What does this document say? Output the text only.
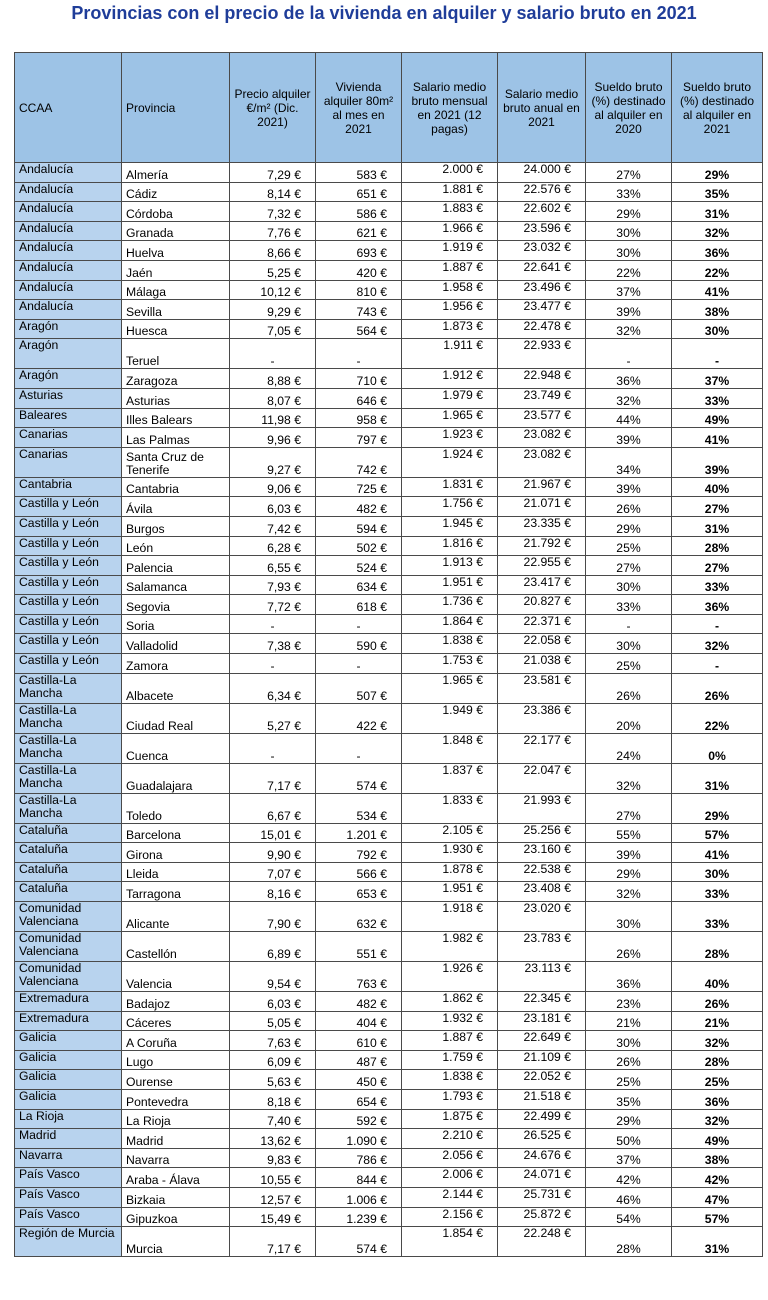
Provincias con el precio de la vivienda en alquiler y salario bruto en 2021
CCAA	Provincia	Precio alquiler €/m² (Dic. 2021)	Vivienda alquiler 80m² al mes en 2021	Salario medio bruto mensual en 2021 (12 pagas)	Salario medio bruto anual en 2021	Sueldo bruto (%) destinado al alquiler en 2020	Sueldo bruto (%) destinado al alquiler en 2021
Andalucía	Almería	7,29 €	583 €	2.000 €	24.000 €	27%	29%
Andalucía	Cádiz	8,14 €	651 €	1.881 €	22.576 €	33%	35%
Andalucía	Córdoba	7,32 €	586 €	1.883 €	22.602 €	29%	31%
Andalucía	Granada	7,76 €	621 €	1.966 €	23.596 €	30%	32%
Andalucía	Huelva	8,66 €	693 €	1.919 €	23.032 €	30%	36%
Andalucía	Jaén	5,25 €	420 €	1.887 €	22.641 €	22%	22%
Andalucía	Málaga	10,12 €	810 €	1.958 €	23.496 €	37%	41%
Andalucía	Sevilla	9,29 €	743 €	1.956 €	23.477 €	39%	38%
Aragón	Huesca	7,05 €	564 €	1.873 €	22.478 €	32%	30%
Aragón	Teruel	-	-	1.911 €	22.933 €	-	-
Aragón	Zaragoza	8,88 €	710 €	1.912 €	22.948 €	36%	37%
Asturias	Asturias	8,07 €	646 €	1.979 €	23.749 €	32%	33%
Baleares	Illes Balears	11,98 €	958 €	1.965 €	23.577 €	44%	49%
Canarias	Las Palmas	9,96 €	797 €	1.923 €	23.082 €	39%	41%
Canarias	Santa Cruz de Tenerife	9,27 €	742 €	1.924 €	23.082 €	34%	39%
Cantabria	Cantabria	9,06 €	725 €	1.831 €	21.967 €	39%	40%
Castilla y León	Ávila	6,03 €	482 €	1.756 €	21.071 €	26%	27%
Castilla y León	Burgos	7,42 €	594 €	1.945 €	23.335 €	29%	31%
Castilla y León	León	6,28 €	502 €	1.816 €	21.792 €	25%	28%
Castilla y León	Palencia	6,55 €	524 €	1.913 €	22.955 €	27%	27%
Castilla y León	Salamanca	7,93 €	634 €	1.951 €	23.417 €	30%	33%
Castilla y León	Segovia	7,72 €	618 €	1.736 €	20.827 €	33%	36%
Castilla y León	Soria	-	-	1.864 €	22.371 €	-	-
Castilla y León	Valladolid	7,38 €	590 €	1.838 €	22.058 €	30%	32%
Castilla y León	Zamora	-	-	1.753 €	21.038 €	25%	-
Castilla-La Mancha	Albacete	6,34 €	507 €	1.965 €	23.581 €	26%	26%
Castilla-La Mancha	Ciudad Real	5,27 €	422 €	1.949 €	23.386 €	20%	22%
Castilla-La Mancha	Cuenca	-	-	1.848 €	22.177 €	24%	0%
Castilla-La Mancha	Guadalajara	7,17 €	574 €	1.837 €	22.047 €	32%	31%
Castilla-La Mancha	Toledo	6,67 €	534 €	1.833 €	21.993 €	27%	29%
Cataluña	Barcelona	15,01 €	1.201 €	2.105 €	25.256 €	55%	57%
Cataluña	Girona	9,90 €	792 €	1.930 €	23.160 €	39%	41%
Cataluña	Lleida	7,07 €	566 €	1.878 €	22.538 €	29%	30%
Cataluña	Tarragona	8,16 €	653 €	1.951 €	23.408 €	32%	33%
Comunidad Valenciana	Alicante	7,90 €	632 €	1.918 €	23.020 €	30%	33%
Comunidad Valenciana	Castellón	6,89 €	551 €	1.982 €	23.783 €	26%	28%
Comunidad Valenciana	Valencia	9,54 €	763 €	1.926 €	23.113 €	36%	40%
Extremadura	Badajoz	6,03 €	482 €	1.862 €	22.345 €	23%	26%
Extremadura	Cáceres	5,05 €	404 €	1.932 €	23.181 €	21%	21%
Galicia	A Coruña	7,63 €	610 €	1.887 €	22.649 €	30%	32%
Galicia	Lugo	6,09 €	487 €	1.759 €	21.109 €	26%	28%
Galicia	Ourense	5,63 €	450 €	1.838 €	22.052 €	25%	25%
Galicia	Pontevedra	8,18 €	654 €	1.793 €	21.518 €	35%	36%
La Rioja	La Rioja	7,40 €	592 €	1.875 €	22.499 €	29%	32%
Madrid	Madrid	13,62 €	1.090 €	2.210 €	26.525 €	50%	49%
Navarra	Navarra	9,83 €	786 €	2.056 €	24.676 €	37%	38%
País Vasco	Araba - Álava	10,55 €	844 €	2.006 €	24.071 €	42%	42%
País Vasco	Bizkaia	12,57 €	1.006 €	2.144 €	25.731 €	46%	47%
País Vasco	Gipuzkoa	15,49 €	1.239 €	2.156 €	25.872 €	54%	57%
Región de Murcia	Murcia	7,17 €	574 €	1.854 €	22.248 €	28%	31%
